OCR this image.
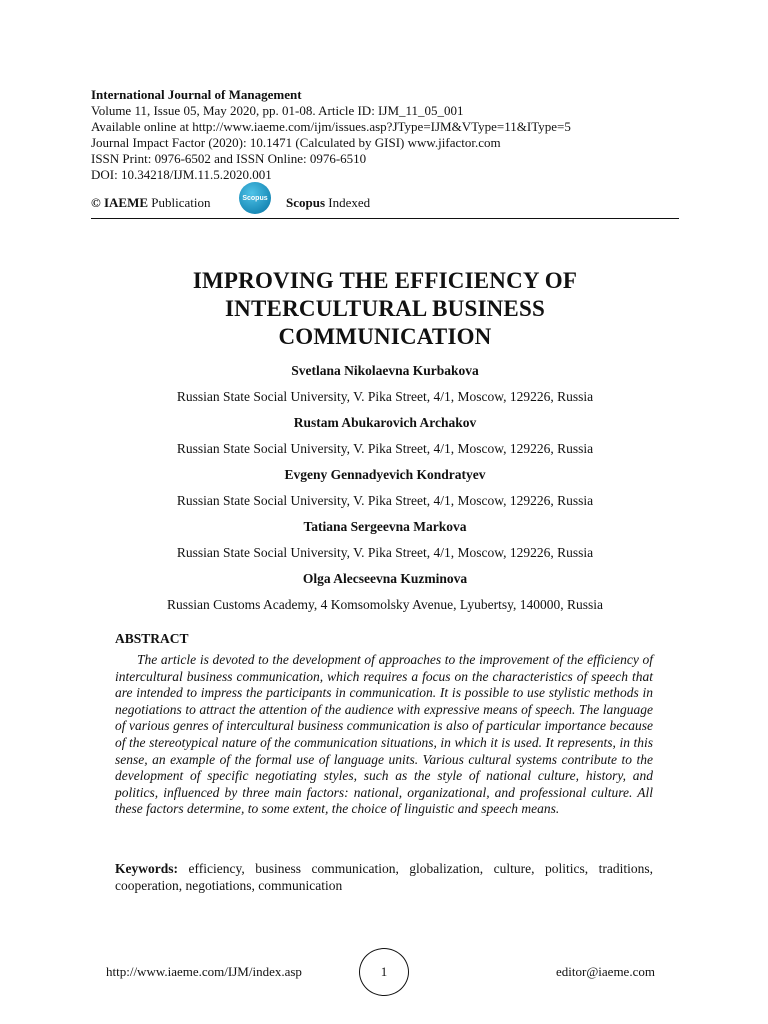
International Journal of Management
Volume 11, Issue 05, May 2020, pp. 01-08. Article ID: IJM_11_05_001
Available online at http://www.iaeme.com/ijm/issues.asp?JType=IJM&VType=11&IType=5
Journal Impact Factor (2020): 10.1471 (Calculated by GISI) www.jifactor.com
ISSN Print: 0976-6502 and ISSN Online: 0976-6510
DOI: 10.34218/IJM.11.5.2020.001
© IAEME Publication	Scopus Scopus Indexed
IMPROVING THE EFFICIENCY OF
INTERCULTURAL BUSINESS
COMMUNICATION
Svetlana Nikolaevna Kurbakova
Russian State Social University, V. Pika Street, 4/1, Moscow, 129226, Russia
Rustam Abukarovich Archakov
Russian State Social University, V. Pika Street, 4/1, Moscow, 129226, Russia
Evgeny Gennadyevich Kondratyev
Russian State Social University, V. Pika Street, 4/1, Moscow, 129226, Russia
Tatiana Sergeevna Markova
Russian State Social University, V. Pika Street, 4/1, Moscow, 129226, Russia
Olga Alecseevna Kuzminova
Russian Customs Academy, 4 Komsomolsky Avenue, Lyubertsy, 140000, Russia
ABSTRACT
The article is devoted to the development of approaches to the improvement of the efficiency of intercultural business communication, which requires a focus on the characteristics of speech that are intended to impress the participants in communication. It is possible to use stylistic methods in negotiations to attract the attention of the audience with expressive means of speech. The language of various genres of intercultural business communication is also of particular importance because of the stereotypical nature of the communication situations, in which it is used. It represents, in this sense, an example of the formal use of language units. Various cultural systems contribute to the development of specific negotiating styles, such as the style of national culture, history, and politics, influenced by three main factors: national, organizational, and professional culture. All these factors determine, to some extent, the choice of linguistic and speech means.
Keywords: efficiency, business communication, globalization, culture, politics, traditions, cooperation, negotiations, communication
http://www.iaeme.com/IJM/index.asp	1	editor@iaeme.com
